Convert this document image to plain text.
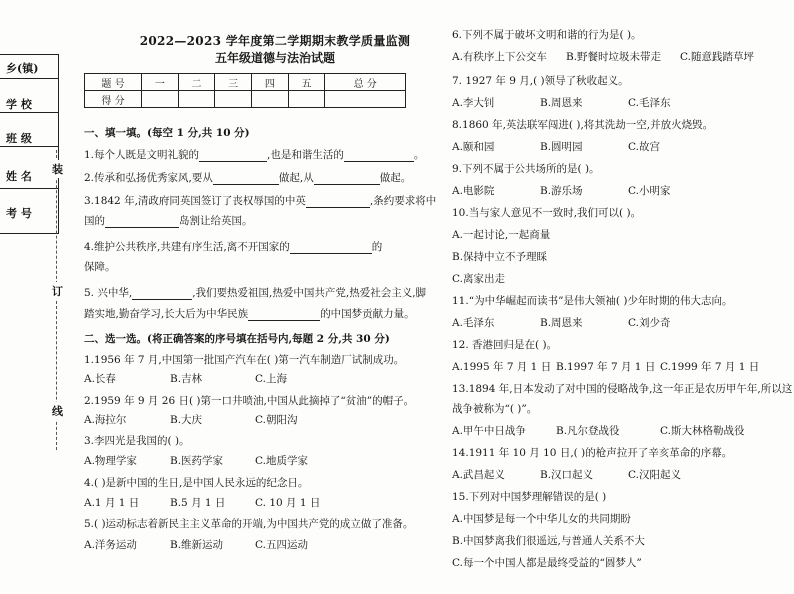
乡(镇)
学 校
班 级
姓 名
考 号
装
订
线
2022—2023 学年度第二学期期末教学质量监测
五年级道德与法治试题
题 号	一	二	三	四	五	总 分
得 分						
一、填一填。(每空 1 分,共 10 分)
1.每个人既是文明礼貌的	,也是和谐生活的	。
2.传承和弘扬优秀家风,要从	做起,从	做起。
3.1842 年,清政府同英国签订了丧权辱国的中英	,条约要求将中
国的	岛割让给英国。
4.维护公共秩序,共建有序生活,离不开国家的	的
保障。
5. 兴中华,	,我们要热爱祖国,热爱中国共产党,热爱社会主义,脚
踏实地,勤奋学习,长大后为中华民族	的中国梦贡献力量。
二、选一选。(将正确答案的序号填在括号内,每题 2 分,共 30 分)
1.1956 年 7 月,中国第一批国产汽车在( )第一汽车制造厂试制成功。
A.长春	B.吉林	C.上海
2.1959 年 9 月 26 日( )第一口井喷油,中国从此摘掉了“贫油”的帽子。
A.海拉尔	B.大庆	C.朝阳沟
3.李四光是我国的( )。
A.物理学家	B.医药学家	C.地质学家
4.( )是新中国的生日,是中国人民永远的纪念日。
A.1 月 1 日	B.5 月 1 日	C. 10 月 1 日
5.( )运动标志着新民主主义革命的开端,为中国共产党的成立做了准备。
A.洋务运动	B.维新运动	C.五四运动
6.下列不属于破坏文明和谐的行为是( )。
A.有秩序上下公交车 B.野餐时垃圾未带走 C.随意践踏草坪
7. 1927 年 9 月,( )领导了秋收起义。
A.李大钊	B.周恩来	C.毛泽东
8.1860 年,英法联军闯进( ),将其洗劫一空,并放火烧毁。
A.颐和园	B.圆明园	C.故宫
9.下列不属于公共场所的是( )。
A.电影院	B.游乐场	C.小明家
10.当与家人意见不一致时,我们可以( )。
A.一起讨论,一起商量
B.保持中立不予理睬
C.离家出走
11.“为中华崛起而读书”是伟大领袖( )少年时期的伟大志向。
A.毛泽东	B.周恩来	C.刘少奇
12. 香港回归是在( )。
A.1995 年 7 月 1 日 B.1997 年 7 月 1 日 C.1999 年 7 月 1 日
13.1894 年,日本发动了对中国的侵略战争,这一年正是农历甲午年,所以这
战争被称为“( )”。
A.甲午中日战争	B.凡尔登战役	C.斯大林格勒战役
14.1911 年 10 月 10 日,( )的枪声拉开了辛亥革命的序幕。
A.武昌起义	B.汉口起义	C.汉阳起义
15.下列对中国梦理解错误的是( )
A.中国梦是每一个中华儿女的共同期盼
B.中国梦离我们很遥远,与普通人关系不大
C.每一个中国人都是最终受益的“圆梦人”
